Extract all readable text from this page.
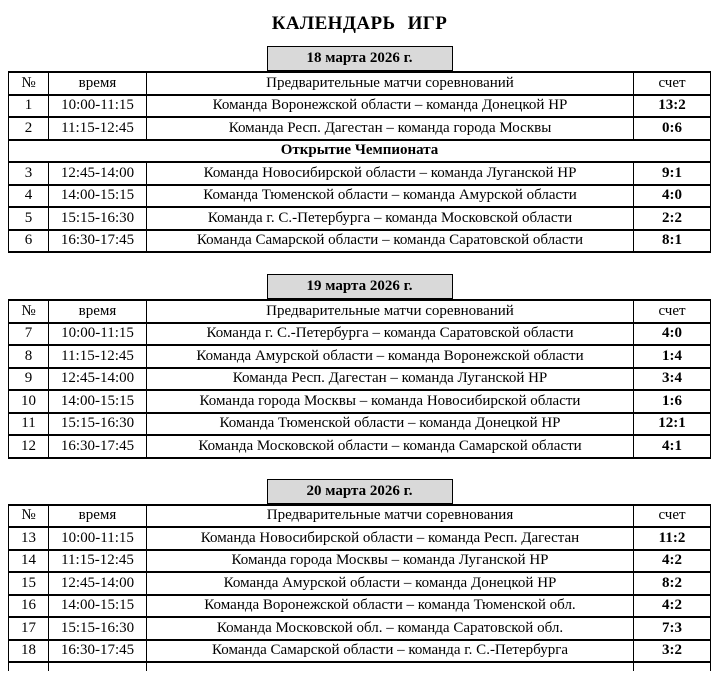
КАЛЕНДАРЬ ИГР
18 марта 2026 г.
№	время	Предварительные матчи соревнований	счет
1	10:00-11:15	Команда Воронежской области – команда Донецкой НР	13:2
2	11:15-12:45	Команда Респ. Дагестан – команда города Москвы	0:6
Открытие Чемпионата			
3	12:45-14:00	Команда Новосибирской области – команда Луганской НР	9:1
4	14:00-15:15	Команда Тюменской области – команда Амурской области	4:0
5	15:15-16:30	Команда г. С.-Петербурга – команда Московской области	2:2
6	16:30-17:45	Команда Самарской области – команда Саратовской области	8:1
19 марта 2026 г.
№	время	Предварительные матчи соревнований	счет
7	10:00-11:15	Команда г. С.-Петербурга – команда Саратовской области	4:0
8	11:15-12:45	Команда Амурской области – команда Воронежской области	1:4
9	12:45-14:00	Команда Респ. Дагестан – команда Луганской НР	3:4
10	14:00-15:15	Команда города Москвы – команда Новосибирской области	1:6
11	15:15-16:30	Команда Тюменской области – команда Донецкой НР	12:1
12	16:30-17:45	Команда Московской области – команда Самарской области	4:1
20 марта 2026 г.
№	время	Предварительные матчи соревнования	счет
13	10:00-11:15	Команда Новосибирской области – команда Респ. Дагестан	11:2
14	11:15-12:45	Команда города Москвы – команда Луганской НР	4:2
15	12:45-14:00	Команда Амурской области – команда Донецкой НР	8:2
16	14:00-15:15	Команда Воронежской области – команда Тюменской обл.	4:2
17	15:15-16:30	Команда Московской обл. – команда Саратовской обл.	7:3
18	16:30-17:45	Команда Самарской области – команда г. С.-Петербурга	3:2
